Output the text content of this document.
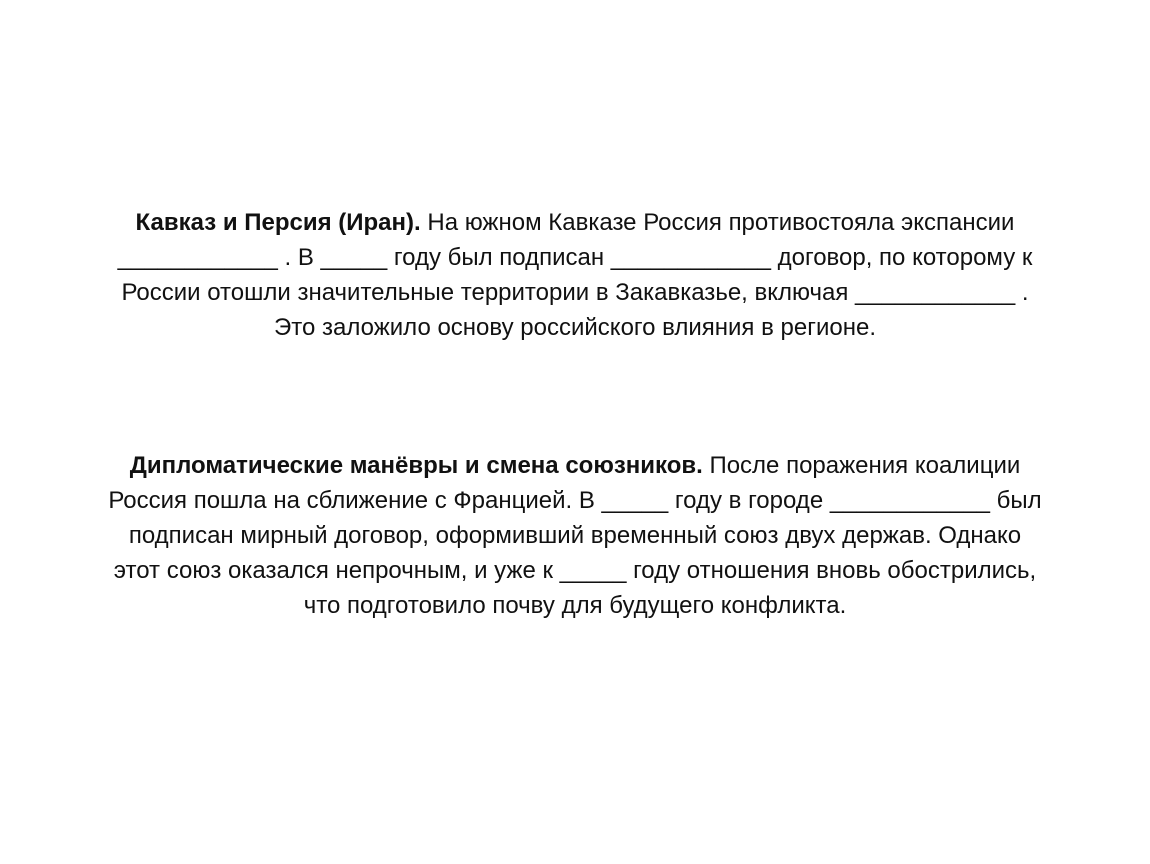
Кавказ и Персия (Иран). На южном Кавказе Россия противостояла экспансии
____________ . В _____ году был подписан ____________ договор, по которому к
России отошли значительные территории в Закавказье, включая ____________ .
Это заложило основу российского влияния в регионе.
Дипломатические манёвры и смена союзников. После поражения коалиции
Россия пошла на сближение с Францией. В _____ году в городе ____________ был
подписан мирный договор, оформивший временный союз двух держав. Однако
этот союз оказался непрочным, и уже к _____ году отношения вновь обострились,
что подготовило почву для будущего конфликта.
